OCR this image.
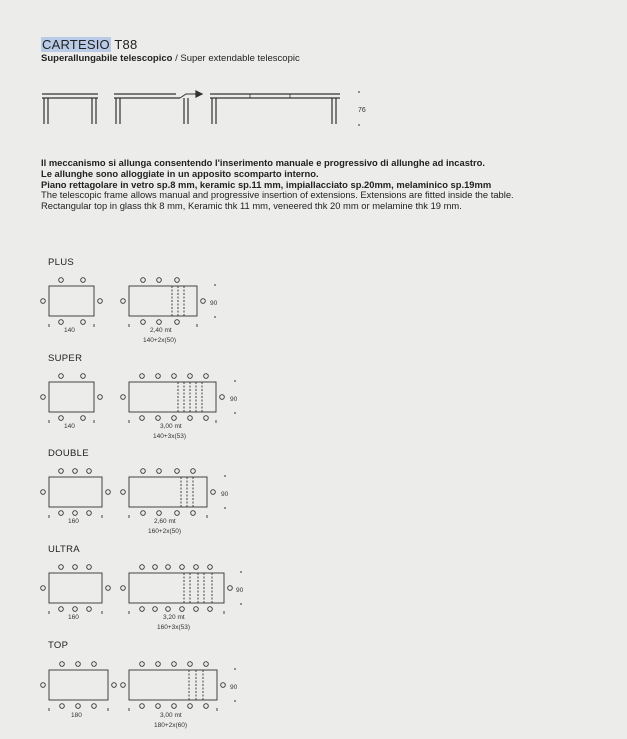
CARTESIO T88
Superallungabile telescopico / Super extendable telescopic
76

Il meccanismo si allunga consentendo l'inserimento manuale e progressivo di allunghe ad incastro.

Le allunghe sono alloggiate in un apposito scomparto interno.

Piano rettagolare in vetro sp.8 mm, keramic sp.11 mm, impiallacciato sp.20mm, melaminico sp.19mm

The telescopic frame allows manual and progressive insertion of extensions. Extensions are fitted inside the table.

Rectangular top in glass thk 8 mm, Keramic thk 11 mm, veneered thk 20 mm or melamine thk 19 mm.

PLUS
140	2,40 mt
140+2x(50)
90
SUPER
140	3,00 mt
140+3x(53)
90
DOUBLE
160	2,60 mt
160+2x(50)
90
ULTRA
160	3,20 mt
160+3x(53)
90
TOP
180	3,00 mt
180+2x(60)
90
